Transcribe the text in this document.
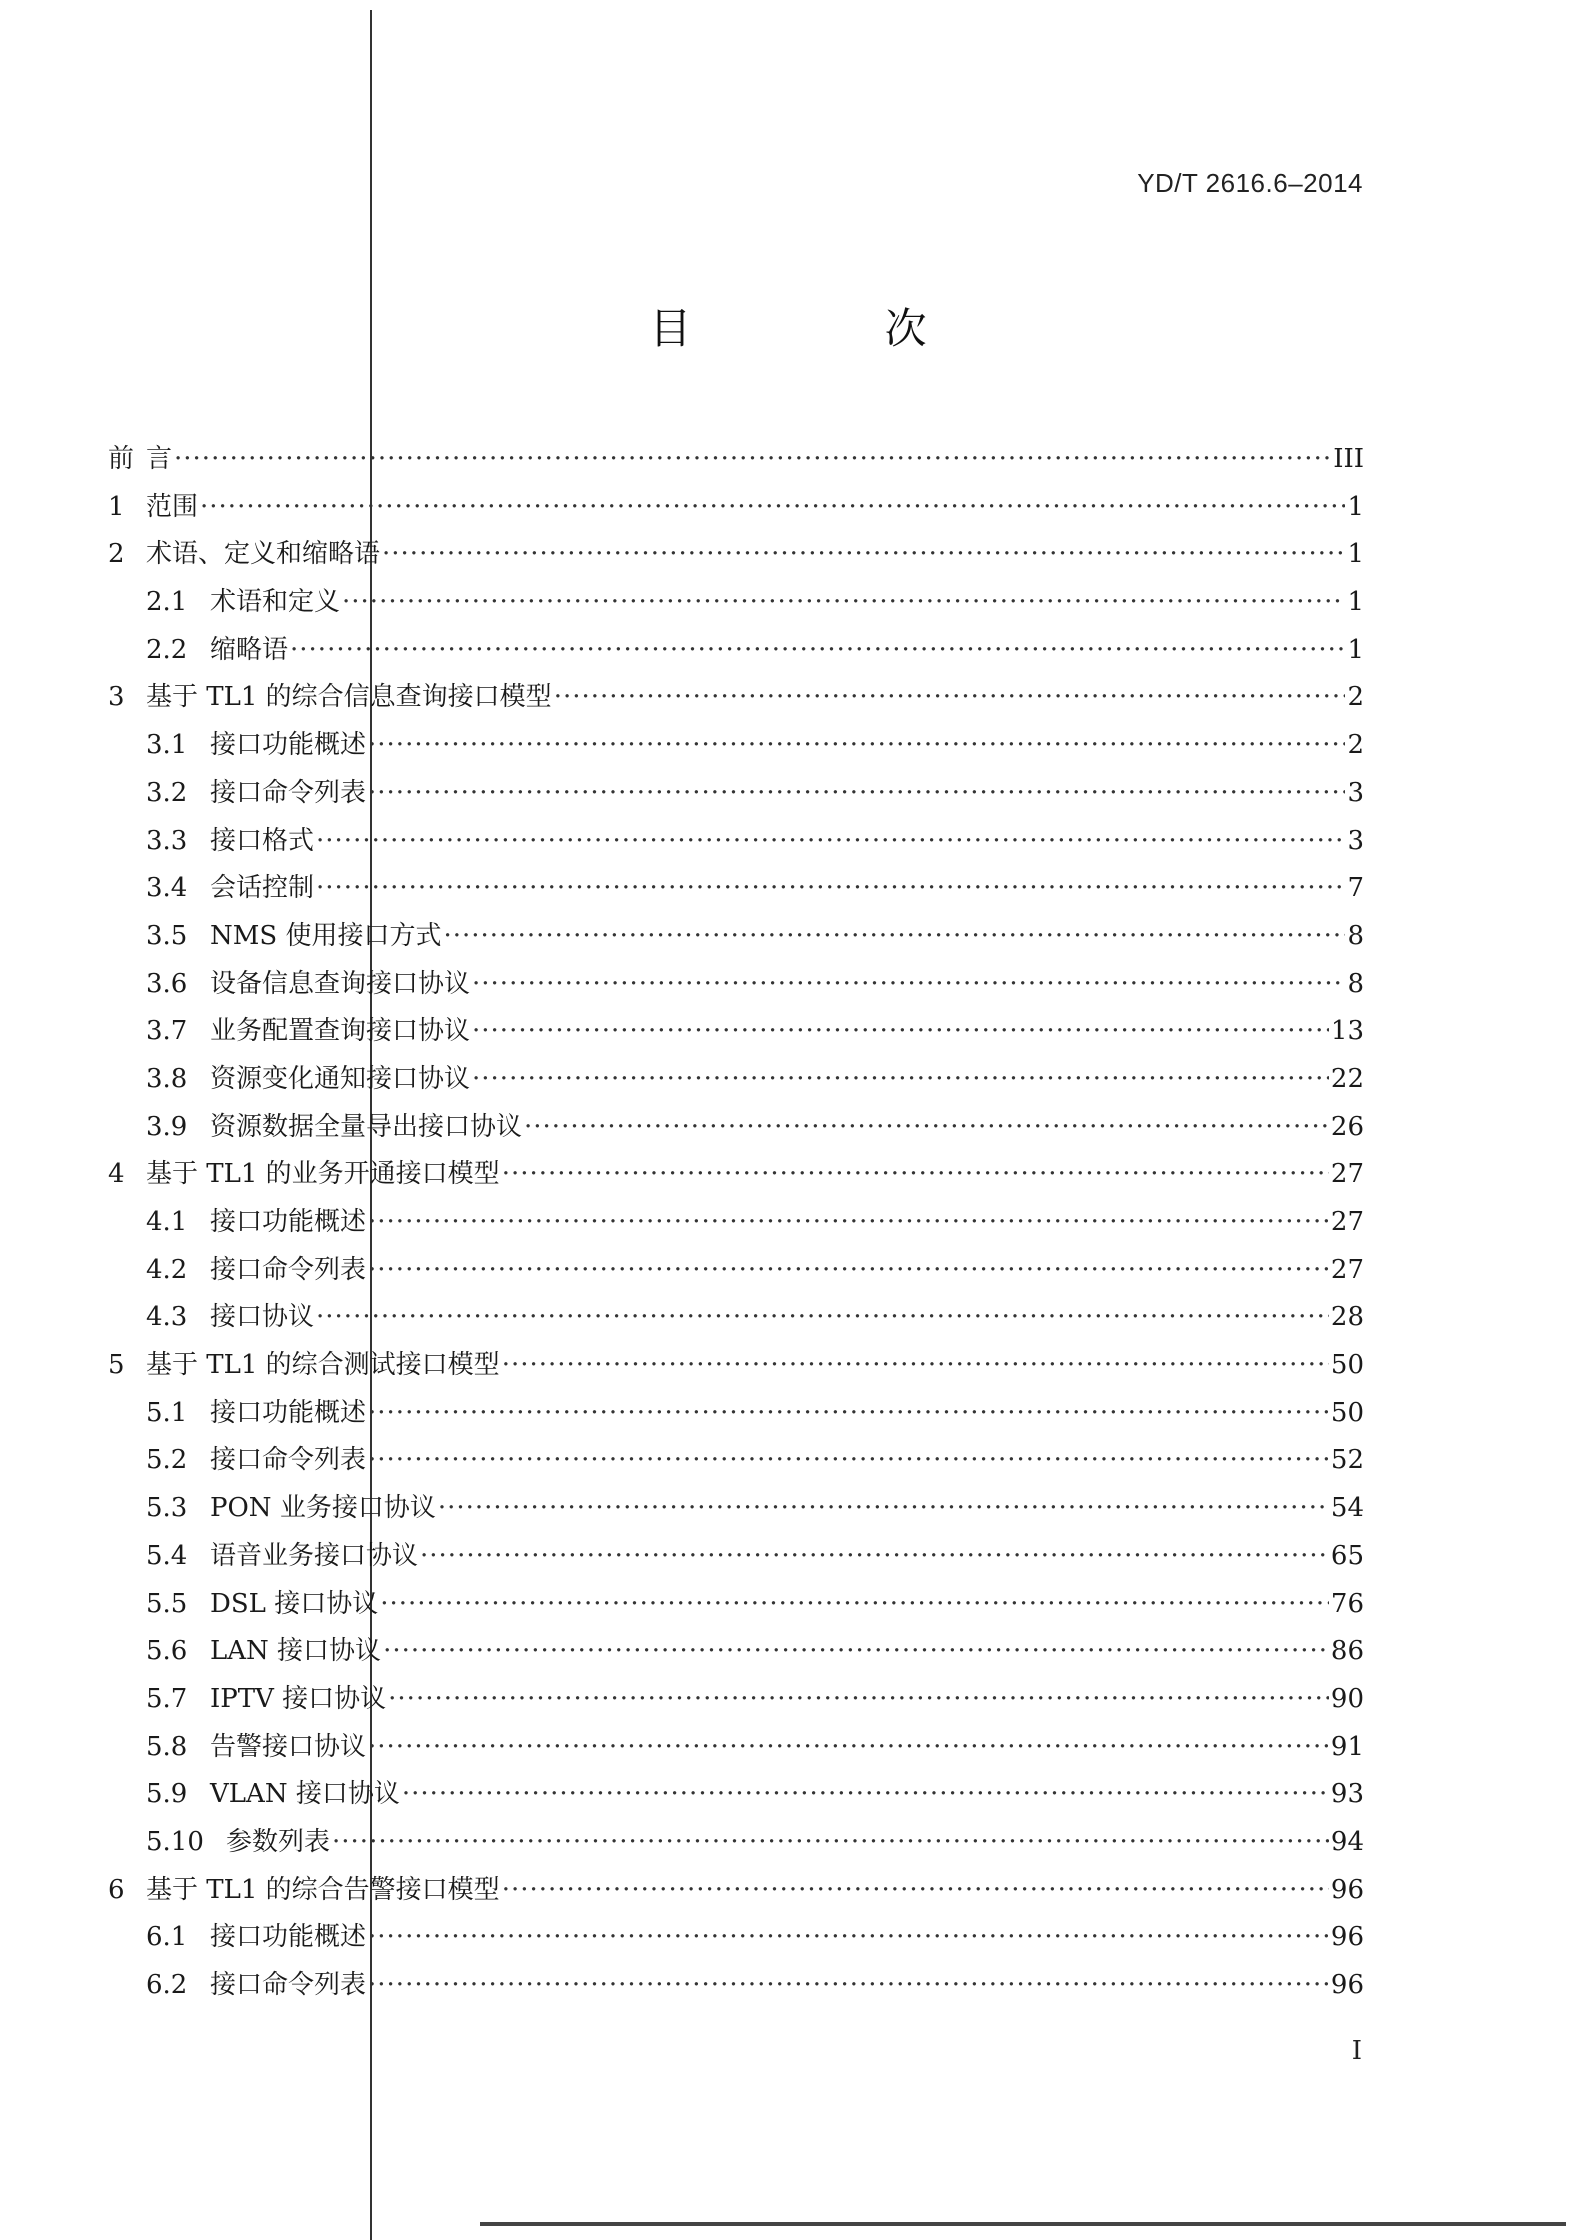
YD/T 2616.6–2014
目 次
前 言 ·····	III
1 范围 ·····	1
2 术语、定义和缩略语 ·····	1
2.1 术语和定义 ·····	1
2.2 缩略语 ·····	1
3 基于 TL1 的综合信息查询接口模型 ·····	2
3.1 接口功能概述 ·····	2
3.2 接口命令列表 ·····	3
3.3 接口格式 ·····	3
3.4 会话控制 ·····	7
3.5 NMS 使用接口方式 ·····	8
3.6 设备信息查询接口协议 ·····	8
3.7 业务配置查询接口协议 ·····	13
3.8 资源变化通知接口协议 ·····	22
3.9 资源数据全量导出接口协议 ·····	26
4 基于 TL1 的业务开通接口模型 ·····	27
4.1 接口功能概述 ·····	27
4.2 接口命令列表 ·····	27
4.3 接口协议 ·····	28
5 基于 TL1 的综合测试接口模型 ·····	50
5.1 接口功能概述 ·····	50
5.2 接口命令列表 ·····	52
5.3 PON 业务接口协议 ·····	54
5.4 语音业务接口协议 ·····	65
5.5 DSL 接口协议 ·····	76
5.6 LAN 接口协议 ·····	86
5.7 IPTV 接口协议 ·····	90
5.8 告警接口协议 ·····	91
5.9 VLAN 接口协议 ·····	93
5.10 参数列表 ·····	94
6 基于 TL1 的综合告警接口模型 ·····	96
6.1 接口功能概述 ·····	96
6.2 接口命令列表 ·····	96
I
